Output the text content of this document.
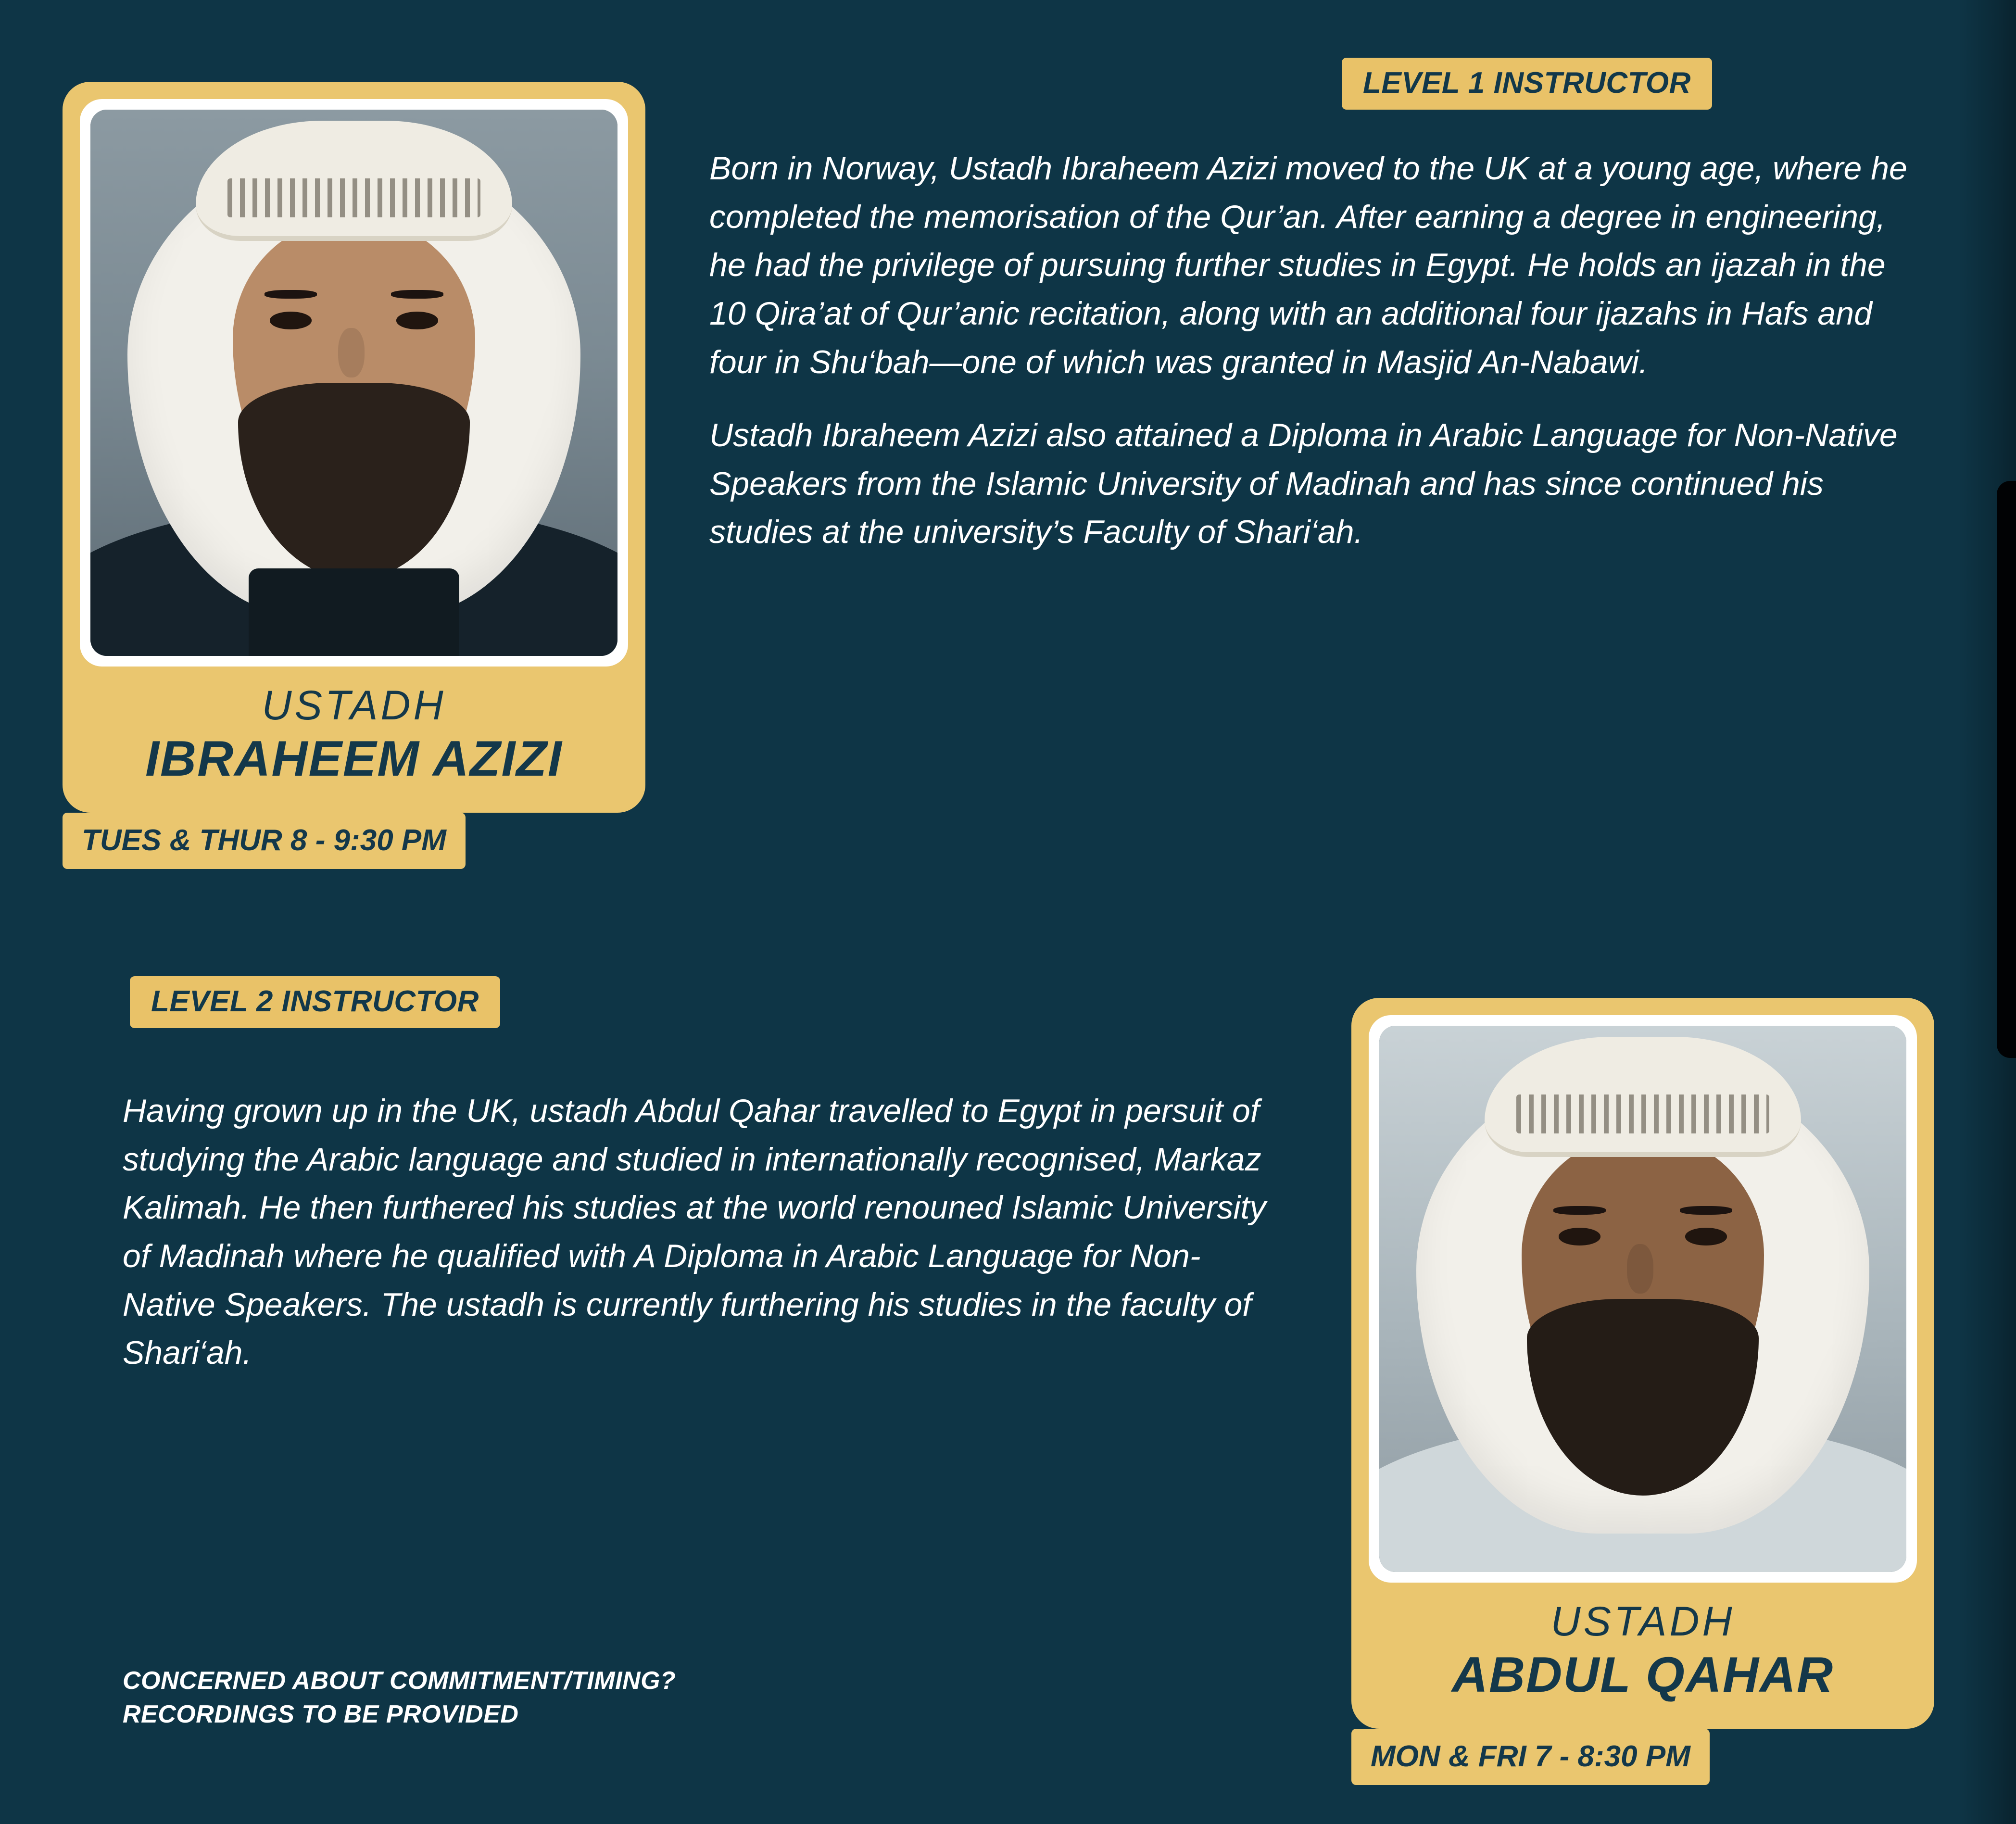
LEVEL 1 INSTRUCTOR
USTADH
IBRAHEEM AZIZI
TUES & THUR 8 - 9:30 PM

Born in Norway, Ustadh Ibraheem Azizi moved to the UK at a young age, where he completed the memorisation of the Qur’an. After earning a degree in engineering, he had the privilege of pursuing further studies in Egypt. He holds an ijazah in the 10 Qira’at of Qur’anic recitation, along with an additional four ijazahs in Hafs and four in Shu‘bah—one of which was granted in Masjid An-Nabawi.

Ustadh Ibraheem Azizi also attained a Diploma in Arabic Language for Non-Native Speakers from the Islamic University of Madinah and has since continued his studies at the university’s Faculty of Shari‘ah.

LEVEL 2 INSTRUCTOR

Having grown up in the UK, ustadh Abdul Qahar travelled to Egypt in persuit of studying the Arabic language and studied in internationally recognised, Markaz Kalimah. He then furthered his studies at the world renouned Islamic University of Madinah where he qualified with A Diploma in Arabic Language for Non-Native Speakers. The ustadh is currently furthering his studies in the faculty of Shari‘ah.

USTADH
ABDUL QAHAR
MON & FRI 7 - 8:30 PM
CONCERNED ABOUT COMMITMENT/TIMING?
RECORDINGS TO BE PROVIDED
